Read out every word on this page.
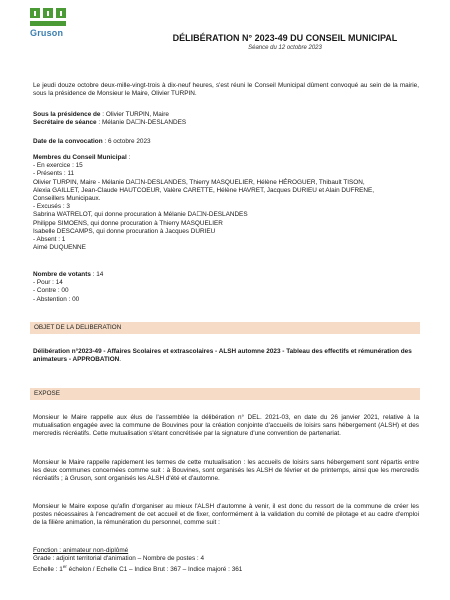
Gruson	DÉLIBÉRATION N° 2023-49 DU CONSEIL MUNICIPAL
Séance du 12 octobre 2023
Le jeudi douze octobre deux-mille-vingt-trois à dix-neuf heures, s'est réuni le Conseil Municipal dûment convoqué au sein de la mairie, sous la présidence de Monsieur le Maire, Olivier TURPIN.
Sous la présidence de : Olivier TURPIN, Maire
Secrétaire de séance : Mélanie DA☐N-DESLANDES
Date de la convocation : 6 octobre 2023
Membres du Conseil Municipal :
- En exercice : 15
- Présents : 11
Olivier TURPIN, Maire - Mélanie DA☐N-DESLANDES, Thierry MASQUELIER, Hélène HÉROGUER, Thibault TISON,
Alexia GAILLET, Jean-Claude HAUTCOEUR, Valère CARETTE, Hélène HAVRET, Jacques DURIEU et Alain DUFRENE,
Conseillers Municipaux.
- Excusés : 3
Sabrina WATRELOT, qui donne procuration à Mélanie DA☐N-DESLANDES
Philippe SIMOENS, qui donne procuration à Thierry MASQUELIER
Isabelle DESCAMPS, qui donne procuration à Jacques DURIEU
- Absent : 1
Aimé DUQUENNE
Nombre de votants : 14
- Pour : 14
- Contre : 00
- Abstention : 00
OBJET DE LA DELIBERATION
Délibération n°2023-49 - Affaires Scolaires et extrascolaires - ALSH automne 2023 - Tableau des effectifs et rémunération des animateurs - APPROBATION.
EXPOSE
Monsieur le Maire rappelle aux élus de l'assemblée la délibération n° DEL. 2021-03, en date du 26 janvier 2021, relative à la mutualisation engagée avec la commune de Bouvines pour la création conjointe d'accueils de loisirs sans hébergement (ALSH) et des mercredis récréatifs. Cette mutualisation s'étant concrétisée par la signature d'une convention de partenariat.
Monsieur le Maire rappelle rapidement les termes de cette mutualisation : les accueils de loisirs sans hébergement sont répartis entre les deux communes concernées comme suit : à Bouvines, sont organisés les ALSH de février et de printemps, ainsi que les mercredis récréatifs ; à Gruson, sont organisés les ALSH d'été et d'automne.
Monsieur le Maire expose qu'afin d'organiser au mieux l'ALSH d'automne à venir, il est donc du ressort de la commune de créer les postes nécessaires à l'encadrement de cet accueil et de fixer, conformément à la validation du comité de pilotage et au cadre d'emploi de la filière animation, la rémunération du personnel, comme suit :
Fonction : animateur non-diplômé
Grade : adjoint territorial d'animation – Nombre de postes : 4
Echelle : 1er échelon / Echelle C1 – Indice Brut : 367 – Indice majoré : 361
